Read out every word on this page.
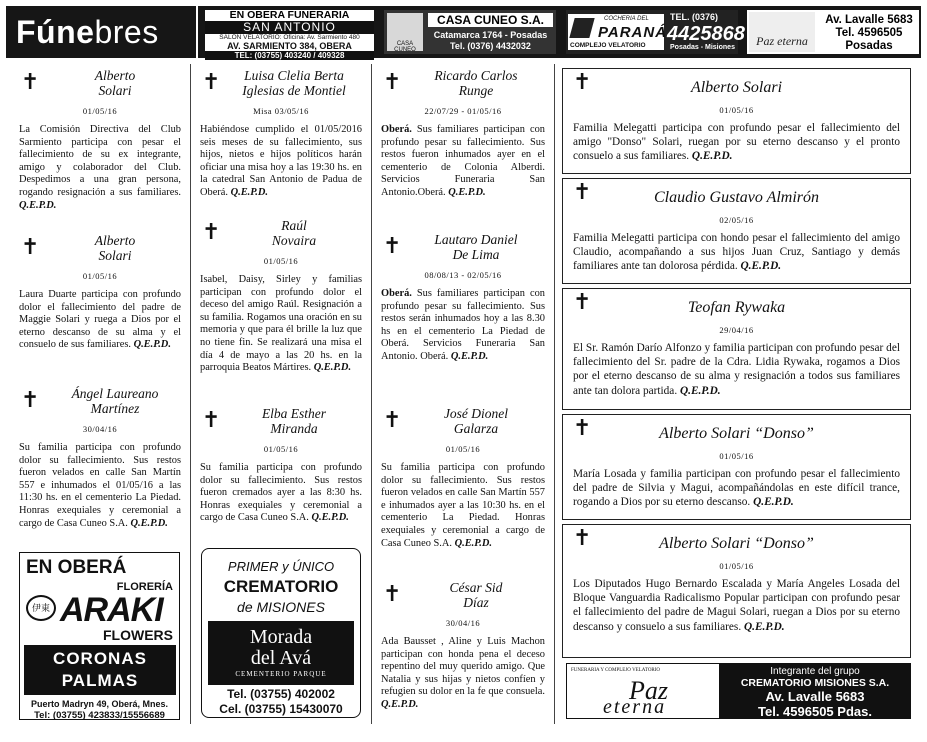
Fúnebres	EN OBERA FUNERARIA
SAN ANTONIO
SALON VELATORIO: Oficina: Av. Sarmiento 480
AV. SARMIENTO 384, OBERA
TEL: (03755) 403240 / 409328
CASA CUNEO
CASA CUNEO S.A.
Catamarca 1764 - Posadas
Tel. (0376) 4432032
COCHERIA DEL
PARANÁ
COMPLEJO VELATORIO
TEL. (0376)
4425868
Posadas - Misiones	Paz eterna
Av. Lavalle 5683
Tel. 4596505
Posadas
✝	Alberto
Solari
01/05/16
La Comisión Directiva del Club Sarmiento participa con pesar el fallecimiento de su ex integrante, amigo y colaborador del Club. Despedimos a una gran persona, rogando resignación a sus familiares. Q.E.P.D.
✝	Alberto
Solari
01/05/16
Laura Duarte participa con profundo dolor el fallecimiento del padre de Maggie Solari y ruega a Dios por el eterno descanso de su alma y el consuelo de sus familiares. Q.E.P.D.
✝	Ángel Laureano
Martínez
30/04/16
Su familia participa con profundo dolor su fallecimiento. Sus restos fueron velados en calle San Martín 557 e inhumados el 01/05/16 a las 11:30 hs. en el cementerio La Piedad. Honras exequiales y ceremonial a cargo de Casa Cuneo S.A. Q.E.P.D.
EN OBERÁ
FLORERÍA
伊東 ARAKI
FLOWERS
CORONAS
PALMAS
Puerto Madryn 49, Oberá, Mnes.
Tel: (03755) 423833/15556689
✝	Luisa Clelia Berta
Iglesias de Montiel
Misa 03/05/16
Habiéndose cumplido el 01/05/2016 seis meses de su fallecimiento, sus hijos, nietos e hijos políticos harán oficiar una misa hoy a las 19:30 hs. en la catedral San Antonio de Padua de Oberá. Q.E.P.D.
✝	Raúl
Novaira
01/05/16
Isabel, Daisy, Sirley y familias participan con profundo dolor el deceso del amigo Raúl. Resignación a su familia. Rogamos una oración en su memoria y que para él brille la luz que no tiene fin. Se realizará una misa el día 4 de mayo a las 20 hs. en la parroquia Beatos Mártires. Q.E.P.D.
✝	Elba Esther
Miranda
01/05/16
Su familia participa con profundo dolor su fallecimiento. Sus restos fueron cremados ayer a las 8:30 hs. Honras exequiales y ceremonial a cargo de Casa Cuneo S.A. Q.E.P.D.
PRIMER y ÚNICO
CREMATORIO
de MISIONES
Morada
del Avá
CEMENTERIO PARQUE
Tel. (03755) 402002
Cel. (03755) 15430070
✝	Ricardo Carlos
Runge
22/07/29 - 01/05/16
Oberá. Sus familiares participan con profundo pesar su fallecimiento. Sus restos fueron inhumados ayer en el cementerio de Colonia Alberdi. Servicios Funeraria San Antonio.Oberá. Q.E.P.D.
✝	Lautaro Daniel
De Lima
08/08/13 - 02/05/16
Oberá. Sus familiares participan con profundo pesar su fallecimiento. Sus restos serán inhumados hoy a las 8.30 hs en el cementerio La Piedad de Oberá. Servicios Funeraria San Antonio. Oberá. Q.E.P.D.
✝	José Dionel
Galarza
01/05/16
Su familia participa con profundo dolor su fallecimiento. Sus restos fueron velados en calle San Martín 557 e inhumados ayer a las 10:30 hs. en el cementerio La Piedad. Honras exequiales y ceremonial a cargo de Casa Cuneo S.A. Q.E.P.D.
✝	César Sid
Díaz
30/04/16
Ada Bausset , Aline y Luis Machon participan con honda pena el deceso repentino del muy querido amigo. Que Natalia y sus hijas y nietos confíen y refugien su dolor en la fe que consuela. Q.E.P.D.
✝	Alberto Solari
01/05/16
Familia Melegatti participa con profundo pesar el fallecimiento del amigo "Donso" Solari, ruegan por su eterno descanso y el pronto consuelo a sus familiares. Q.E.P.D.
✝	Claudio Gustavo Almirón
02/05/16
Familia Melegatti participa con hondo pesar el fallecimiento del amigo Claudio, acompañando a sus hijos Juan Cruz, Santiago y demás familiares ante tan dolorosa pérdida. Q.E.P.D.
✝	Teofan Rywaka
29/04/16
El Sr. Ramón Darío Alfonzo y familia participan con profundo pesar del fallecimiento del Sr. padre de la Cdra. Lidia Rywaka, rogamos a Dios por el eterno descanso de su alma y resignación a todos sus familiares ante tan dolora partida. Q.E.P.D.
✝	Alberto Solari “Donso”
01/05/16
María Losada y familia participan con profundo pesar el fallecimiento del padre de Silvia y Magui, acompañándolas en este difícil trance, rogando a Dios por su eterno descanso. Q.E.P.D.
✝	Alberto Solari “Donso”
01/05/16
Los Diputados Hugo Bernardo Escalada y María Angeles Losada del Bloque Vanguardia Radicalismo Popular participan con profundo pesar el fallecimiento del padre de Magui Solari, ruegan a Dios por su eterno descanso y consuelo a sus familiares. Q.E.P.D.
FUNERARIA Y COMPLEJO VELATORIO
Paz
eterna
Integrante del grupo
CREMATORIO MISIONES S.A.
Av. Lavalle 5683
Tel. 4596505 Pdas.
